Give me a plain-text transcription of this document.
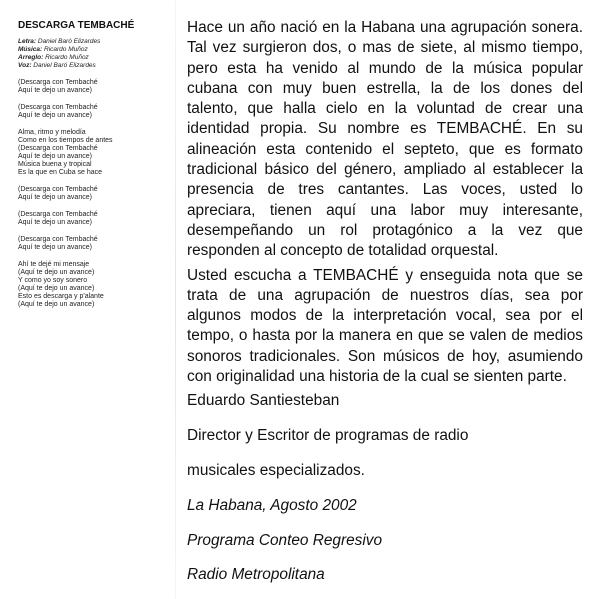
DESCARGA TEMBACHÉ
Letra: Daniel Baró Elizardes
Música: Ricardo Muñoz
Arreglo: Ricardo Muñoz
Voz: Daniel Baró Elizardes
(Descarga con Tembaché
Aquí te dejo un avance)
(Descarga con Tembaché
Aquí te dejo un avance)
Alma, ritmo y melodía
Como en los tiempos de antes
(Descarga con Tembaché
Aquí te dejo un avance)
Música buena y tropical
Es la que en Cuba se hace
(Descarga con Tembaché
Aquí te dejo un avance)
(Descarga con Tembaché
Aquí te dejo un avance)
(Descarga con Tembaché
Aquí te dejo un avance)
Ahí te dejé mi mensaje
(Aquí te dejo un avance)
Y como yo soy sonero
(Aquí te dejo un avance)
Esto es descarga y p'alante
(Aquí te dejo un avance)

Hace un año nació en la Habana una agrupación sonera. Tal vez surgieron dos, o mas de siete, al mismo tiempo, pero esta ha venido al mundo de la música popular cubana con muy buen estrella, la de los dones del talento, que halla cielo en la voluntad de crear una identidad propia. Su nombre es TEMBACHÉ. En su alineación esta contenido el septeto, que es formato tradicional básico del género, ampliado al establecer la presencia de tres cantantes. Las voces, usted lo apreciara, tienen aquí una labor muy interesante, desempeñando un rol protagónico a la vez que responden al concepto de totalidad orquestal.

Usted escucha a TEMBACHÉ y enseguida nota que se trata de una agrupación de nuestros días, sea por algunos modos de la interpretación vocal, sea por el tempo, o hasta por la manera en que se valen de medios sonoros tradicionales. Son músicos de hoy, asumiendo con originalidad una historia de la cual se sienten parte.

Eduardo Santiesteban
Director y Escritor de programas de radio
musicales especializados.
La Habana, Agosto 2002
Programa Conteo Regresivo
Radio Metropolitana
